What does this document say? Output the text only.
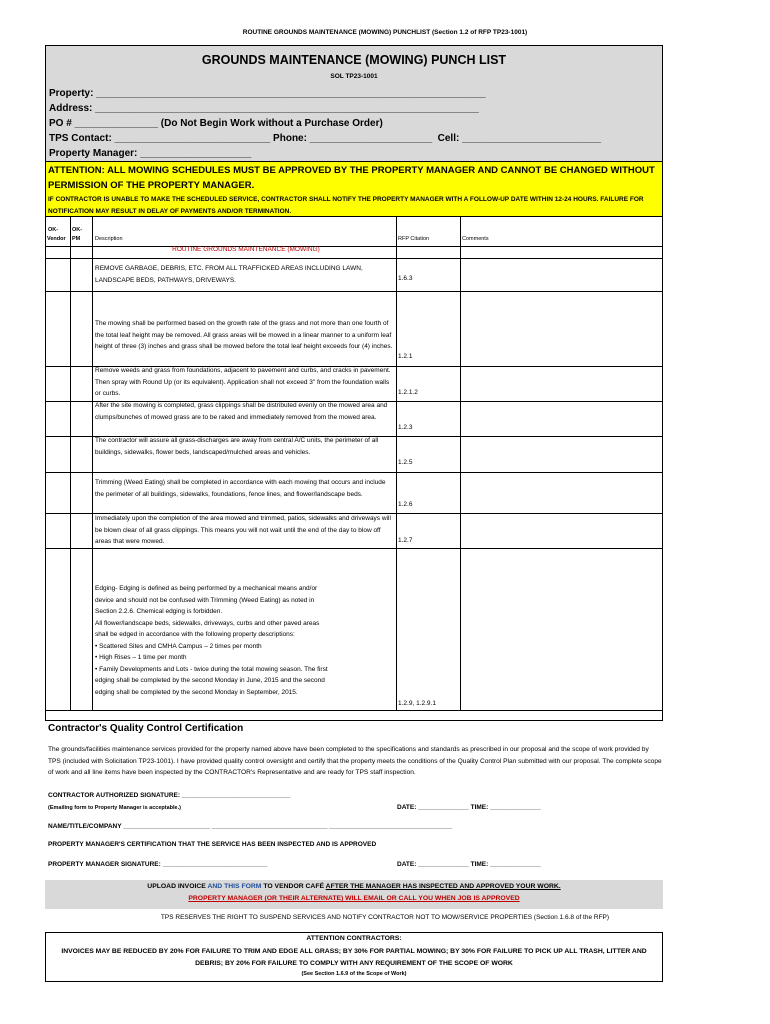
ROUTINE GROUNDS MAINTENANCE (MOWING) PUNCHLIST (Section 1.2 of RFP TP23-1001)
GROUNDS MAINTENANCE (MOWING) PUNCH LIST
SOL TP23-1001
Property: ______________________________________________________________________
Address: _____________________________________________________________________
PO # _______________ (Do Not Begin Work without a Purchase Order)
TPS Contact: ____________________________ Phone: ______________________  Cell: _________________________
Property Manager: ____________________
ATTENTION: ALL MOWING SCHEDULES MUST BE APPROVED BY THE PROPERTY MANAGER AND CANNOT BE CHANGED WITHOUT PERMISSION OF THE PROPERTY MANAGER.
IF CONTRACTOR IS UNABLE TO MAKE THE SCHEDULED SERVICE, CONTRACTOR SHALL NOTIFY THE PROPERTY MANAGER WITH A FOLLOW-UP DATE WITHIN 12-24 HOURS. FAILURE FOR NOTIFICATION MAY RESULT IN DELAY OF PAYMENTS AND/OR TERMINATION.
OK-
Vendor
OK-
PM	Description	RFP Citation	Comments
ROUTINE GROUNDS MAINTENANCE (MOWING)
REMOVE GARBAGE, DEBRIS, ETC. FROM ALL TRAFFICKED AREAS INCLUDING LAWN, LANDSCAPE BEDS, PATHWAYS, DRIVEWAYS.	1.6.3
The mowing shall be performed based on the growth rate of the grass and not more than one fourth of the total leaf height may be removed. All grass areas will be mowed in a linear manner to a uniform leaf height of three (3) inches and grass shall be mowed before the total leaf height exceeds four (4) inches.
1.2.1
Remove weeds and grass from foundations, adjacent to pavement and curbs, and cracks in pavement. Then spray with Round Up (or its equivalent). Application shall not exceed 3" from the foundation walls or curbs.	1.2.1.2
After the site mowing is completed, grass clippings shall be distributed evenly on the mowed area and clumps/bunches of mowed grass are to be raked and immediately removed from the mowed area.
1.2.3
The contractor will assure all grass-discharges are away from central A/C units, the perimeter of all buildings, sidewalks, flower beds, landscaped/mulched areas and vehicles.
1.2.5
Trimming (Weed Eating) shall be completed in accordance with each mowing that occurs and include the perimeter of all buildings, sidewalks, foundations, fence lines, and flower/landscape beds.
1.2.6
Immediately upon the completion of the area mowed and trimmed, patios, sidewalks and driveways will be blown clear of all grass clippings. This means you will not wait until the end of the day to blow off areas that were mowed.	1.2.7
Edging- Edging is defined as being performed by a mechanical means and/or
device and should not be confused with Trimming (Weed Eating) as noted in
Section 2.2.6. Chemical edging is forbidden.
All flower/landscape beds, sidewalks, driveways, curbs and other paved areas
shall be edged in accordance with the following property descriptions:
• Scattered Sites and CMHA Campus – 2 times per month
• High Rises – 1 time per month
• Family Developments and Lots - twice during the total mowing season. The first
edging shall be completed by the second Monday in June, 2015 and the second
edging shall be completed by the second Monday in September, 2015.
1.2.9, 1.2.9.1
Contractor's Quality Control Certification
The grounds/facilities maintenance services provided for the property named above have been completed to the specifications and standards as prescribed in our proposal and the scope of work provided by TPS (included with Solicitation TP23-1001). I have provided quality control oversight and certify that the property meets the conditions of the Quality Control Plan submitted with our proposal. The complete scope of work and all line items have been inspected by the CONTRACTOR's Representative and are ready for TPS staff inspection.
CONTRACTOR AUTHORIZED SIGNATURE: ______________________________
(Emailing form to Property Manager is acceptable.)	DATE: ______________ TIME: ______________
NAME/TITLE/COMPANY ________________________ ________________________________ __________________________________
PROPERTY MANAGER'S CERTIFICATION THAT THE SERVICE HAS BEEN INSPECTED AND IS APPROVED
PROPERTY MANAGER SIGNATURE: _____________________________	DATE: ______________ TIME: ______________
UPLOAD INVOICE AND THIS FORM TO VENDOR CAFÉ AFTER THE MANAGER HAS INSPECTED AND APPROVED YOUR WORK.
PROPERTY MANAGER (OR THEIR ALTERNATE) WILL EMAIL OR CALL YOU WHEN JOB IS APPROVED
TPS RESERVES THE RIGHT TO SUSPEND SERVICES AND NOTIFY CONTRACTOR NOT TO MOW/SERVICE PROPERTIES (Section 1.6.8 of the RFP)
ATTENTION CONTRACTORS:
INVOICES MAY BE REDUCED BY 20% FOR FAILURE TO TRIM AND EDGE ALL GRASS; BY 30% FOR PARTIAL MOWING; BY 30% FOR FAILURE TO PICK UP ALL TRASH, LITTER AND DEBRIS; BY 20% FOR FAILURE TO COMPLY WITH ANY REQUIREMENT OF THE SCOPE OF WORK
(See Section 1.6.9 of the Scope of Work)
